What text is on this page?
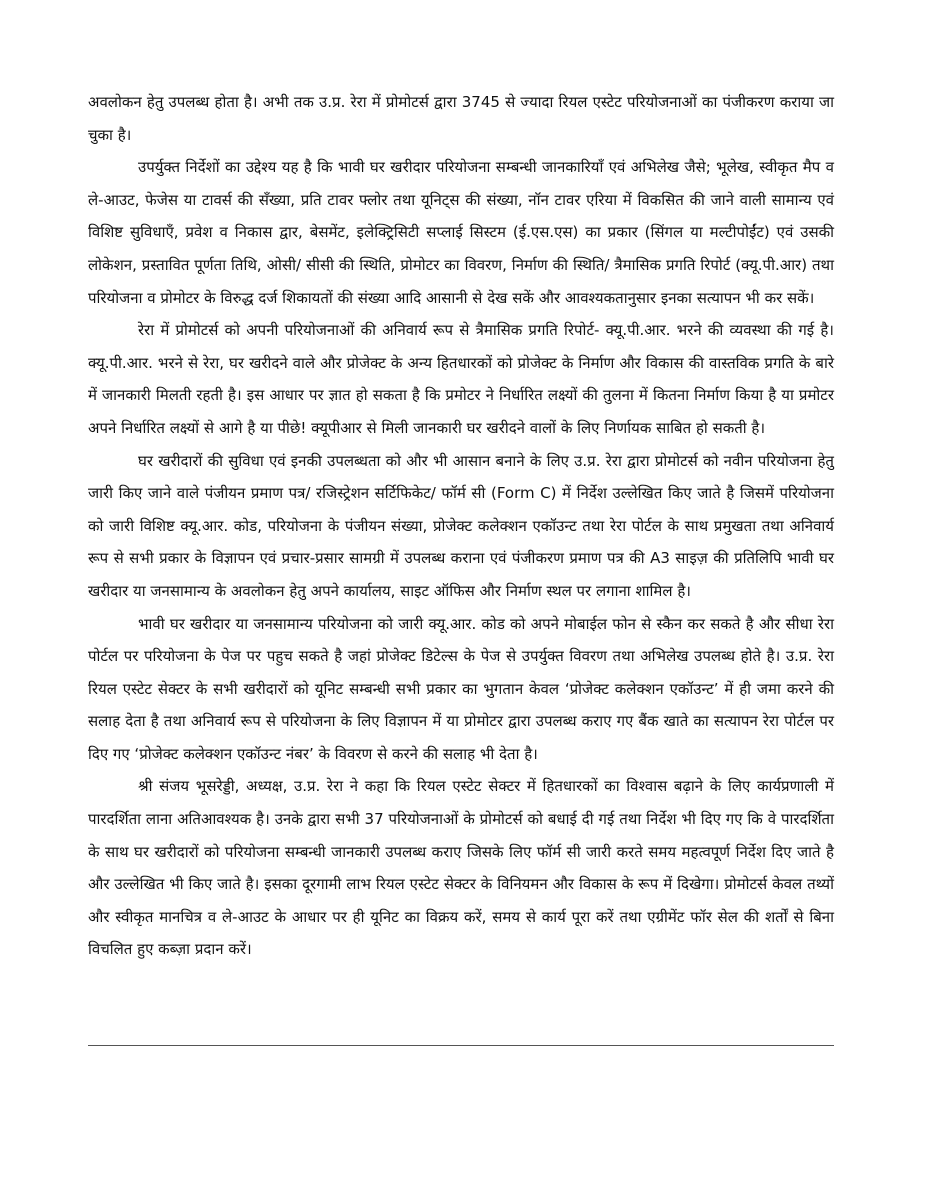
अवलोकन हेतु उपलब्ध होता है। अभी तक उ.प्र. रेरा में प्रोमोटर्स द्वारा 3745 से ज्यादा रियल एस्टेट परियोजनाओं का पंजीकरण कराया जा चुका है।

उपर्युक्त निर्देशों का उद्देश्य यह है कि भावी घर खरीदार परियोजना सम्बन्धी जानकारियाँ एवं अभिलेख जैसे; भूलेख, स्वीकृत मैप व ले-आउट, फेजेस या टावर्स की सँख्या, प्रति टावर फ्लोर तथा यूनिट्स की संख्या, नॉन टावर एरिया में विकसित की जाने वाली सामान्य एवं विशिष्ट सुविधाएँ, प्रवेश व निकास द्वार, बेसमेंट, इलेक्ट्रिसिटी सप्लाई सिस्टम (ई.एस.एस) का प्रकार (सिंगल या मल्टीपोईंट) एवं उसकी लोकेशन, प्रस्तावित पूर्णता तिथि, ओसी/ सीसी की स्थिति, प्रोमोटर का विवरण, निर्माण की स्थिति/ त्रैमासिक प्रगति रिपोर्ट (क्यू.पी.आर) तथा परियोजना व प्रोमोटर के विरुद्ध दर्ज शिकायतों की संख्या आदि आसानी से देख सकें और आवश्यकतानुसार इनका सत्यापन भी कर सकें।

रेरा में प्रोमोटर्स को अपनी परियोजनाओं की अनिवार्य रूप से त्रैमासिक प्रगति रिपोर्ट- क्यू.पी.आर. भरने की व्यवस्था की गई है। क्यू.पी.आर. भरने से रेरा, घर खरीदने वाले और प्रोजेक्ट के अन्य हितधारकों को प्रोजेक्ट के निर्माण और विकास की वास्तविक प्रगति के बारे में जानकारी मिलती रहती है। इस आधार पर ज्ञात हो सकता है कि प्रमोटर ने निर्धारित लक्ष्यों की तुलना में कितना निर्माण किया है या प्रमोटर अपने निर्धारित लक्ष्यों से आगे है या पीछे! क्यूपीआर से मिली जानकारी घर खरीदने वालों के लिए निर्णायक साबित हो सकती है।

घर खरीदारों की सुविधा एवं इनकी उपलब्धता को और भी आसान बनाने के लिए उ.प्र. रेरा द्वारा प्रोमोटर्स को नवीन परियोजना हेतु जारी किए जाने वाले पंजीयन प्रमाण पत्र/ रजिस्ट्रेशन सर्टिफिकेट/ फॉर्म सी (Form C) में निर्देश उल्लेखित किए जाते है जिसमें परियोजना को जारी विशिष्ट क्यू.आर. कोड, परियोजना के पंजीयन संख्या, प्रोजेक्ट कलेक्शन एकॉउन्ट तथा रेरा पोर्टल के साथ प्रमुखता तथा अनिवार्य रूप से सभी प्रकार के विज्ञापन एवं प्रचार-प्रसार सामग्री में उपलब्ध कराना एवं पंजीकरण प्रमाण पत्र की A3 साइज़ की प्रतिलिपि भावी घर खरीदार या जनसामान्य के अवलोकन हेतु अपने कार्यालय, साइट ऑफिस और निर्माण स्थल पर लगाना शामिल है।

भावी घर खरीदार या जनसामान्य परियोजना को जारी क्यू.आर. कोड को अपने मोबाईल फोन से स्कैन कर सकते है और सीधा रेरा पोर्टल पर परियोजना के पेज पर पहुच सकते है जहां प्रोजेक्ट डिटेल्स के पेज से उपर्युक्त विवरण तथा अभिलेख उपलब्ध होते है। उ.प्र. रेरा रियल एस्टेट सेक्टर के सभी खरीदारों को यूनिट सम्बन्धी सभी प्रकार का भुगतान केवल ‘प्रोजेक्ट कलेक्शन एकॉउन्ट’ में ही जमा करने की सलाह देता है तथा अनिवार्य रूप से परियोजना के लिए विज्ञापन में या प्रोमोटर द्वारा उपलब्ध कराए गए बैंक खाते का सत्यापन रेरा पोर्टल पर दिए गए ‘प्रोजेक्ट कलेक्शन एकॉउन्ट नंबर’ के विवरण से करने की सलाह भी देता है।

श्री संजय भूसरेड्डी, अध्यक्ष, उ.प्र. रेरा ने कहा कि रियल एस्टेट सेक्टर में हितधारकों का विश्वास बढ़ाने के लिए कार्यप्रणाली में पारदर्शिता लाना अतिआवश्यक है। उनके द्वारा सभी 37 परियोजनाओं के प्रोमोटर्स को बधाई दी गई तथा निर्देश भी दिए गए कि वे पारदर्शिता के साथ घर खरीदारों को परियोजना सम्बन्धी जानकारी उपलब्ध कराए जिसके लिए फॉर्म सी जारी करते समय महत्वपूर्ण निर्देश दिए जाते है और उल्लेखित भी किए जाते है। इसका दूरगामी लाभ रियल एस्टेट सेक्टर के विनियमन और विकास के रूप में दिखेगा। प्रोमोटर्स केवल तथ्यों और स्वीकृत मानचित्र व ले-आउट के आधार पर ही यूनिट का विक्रय करें, समय से कार्य पूरा करें तथा एग्रीमेंट फॉर सेल की शर्तों से बिना विचलित हुए कब्ज़ा प्रदान करें।
